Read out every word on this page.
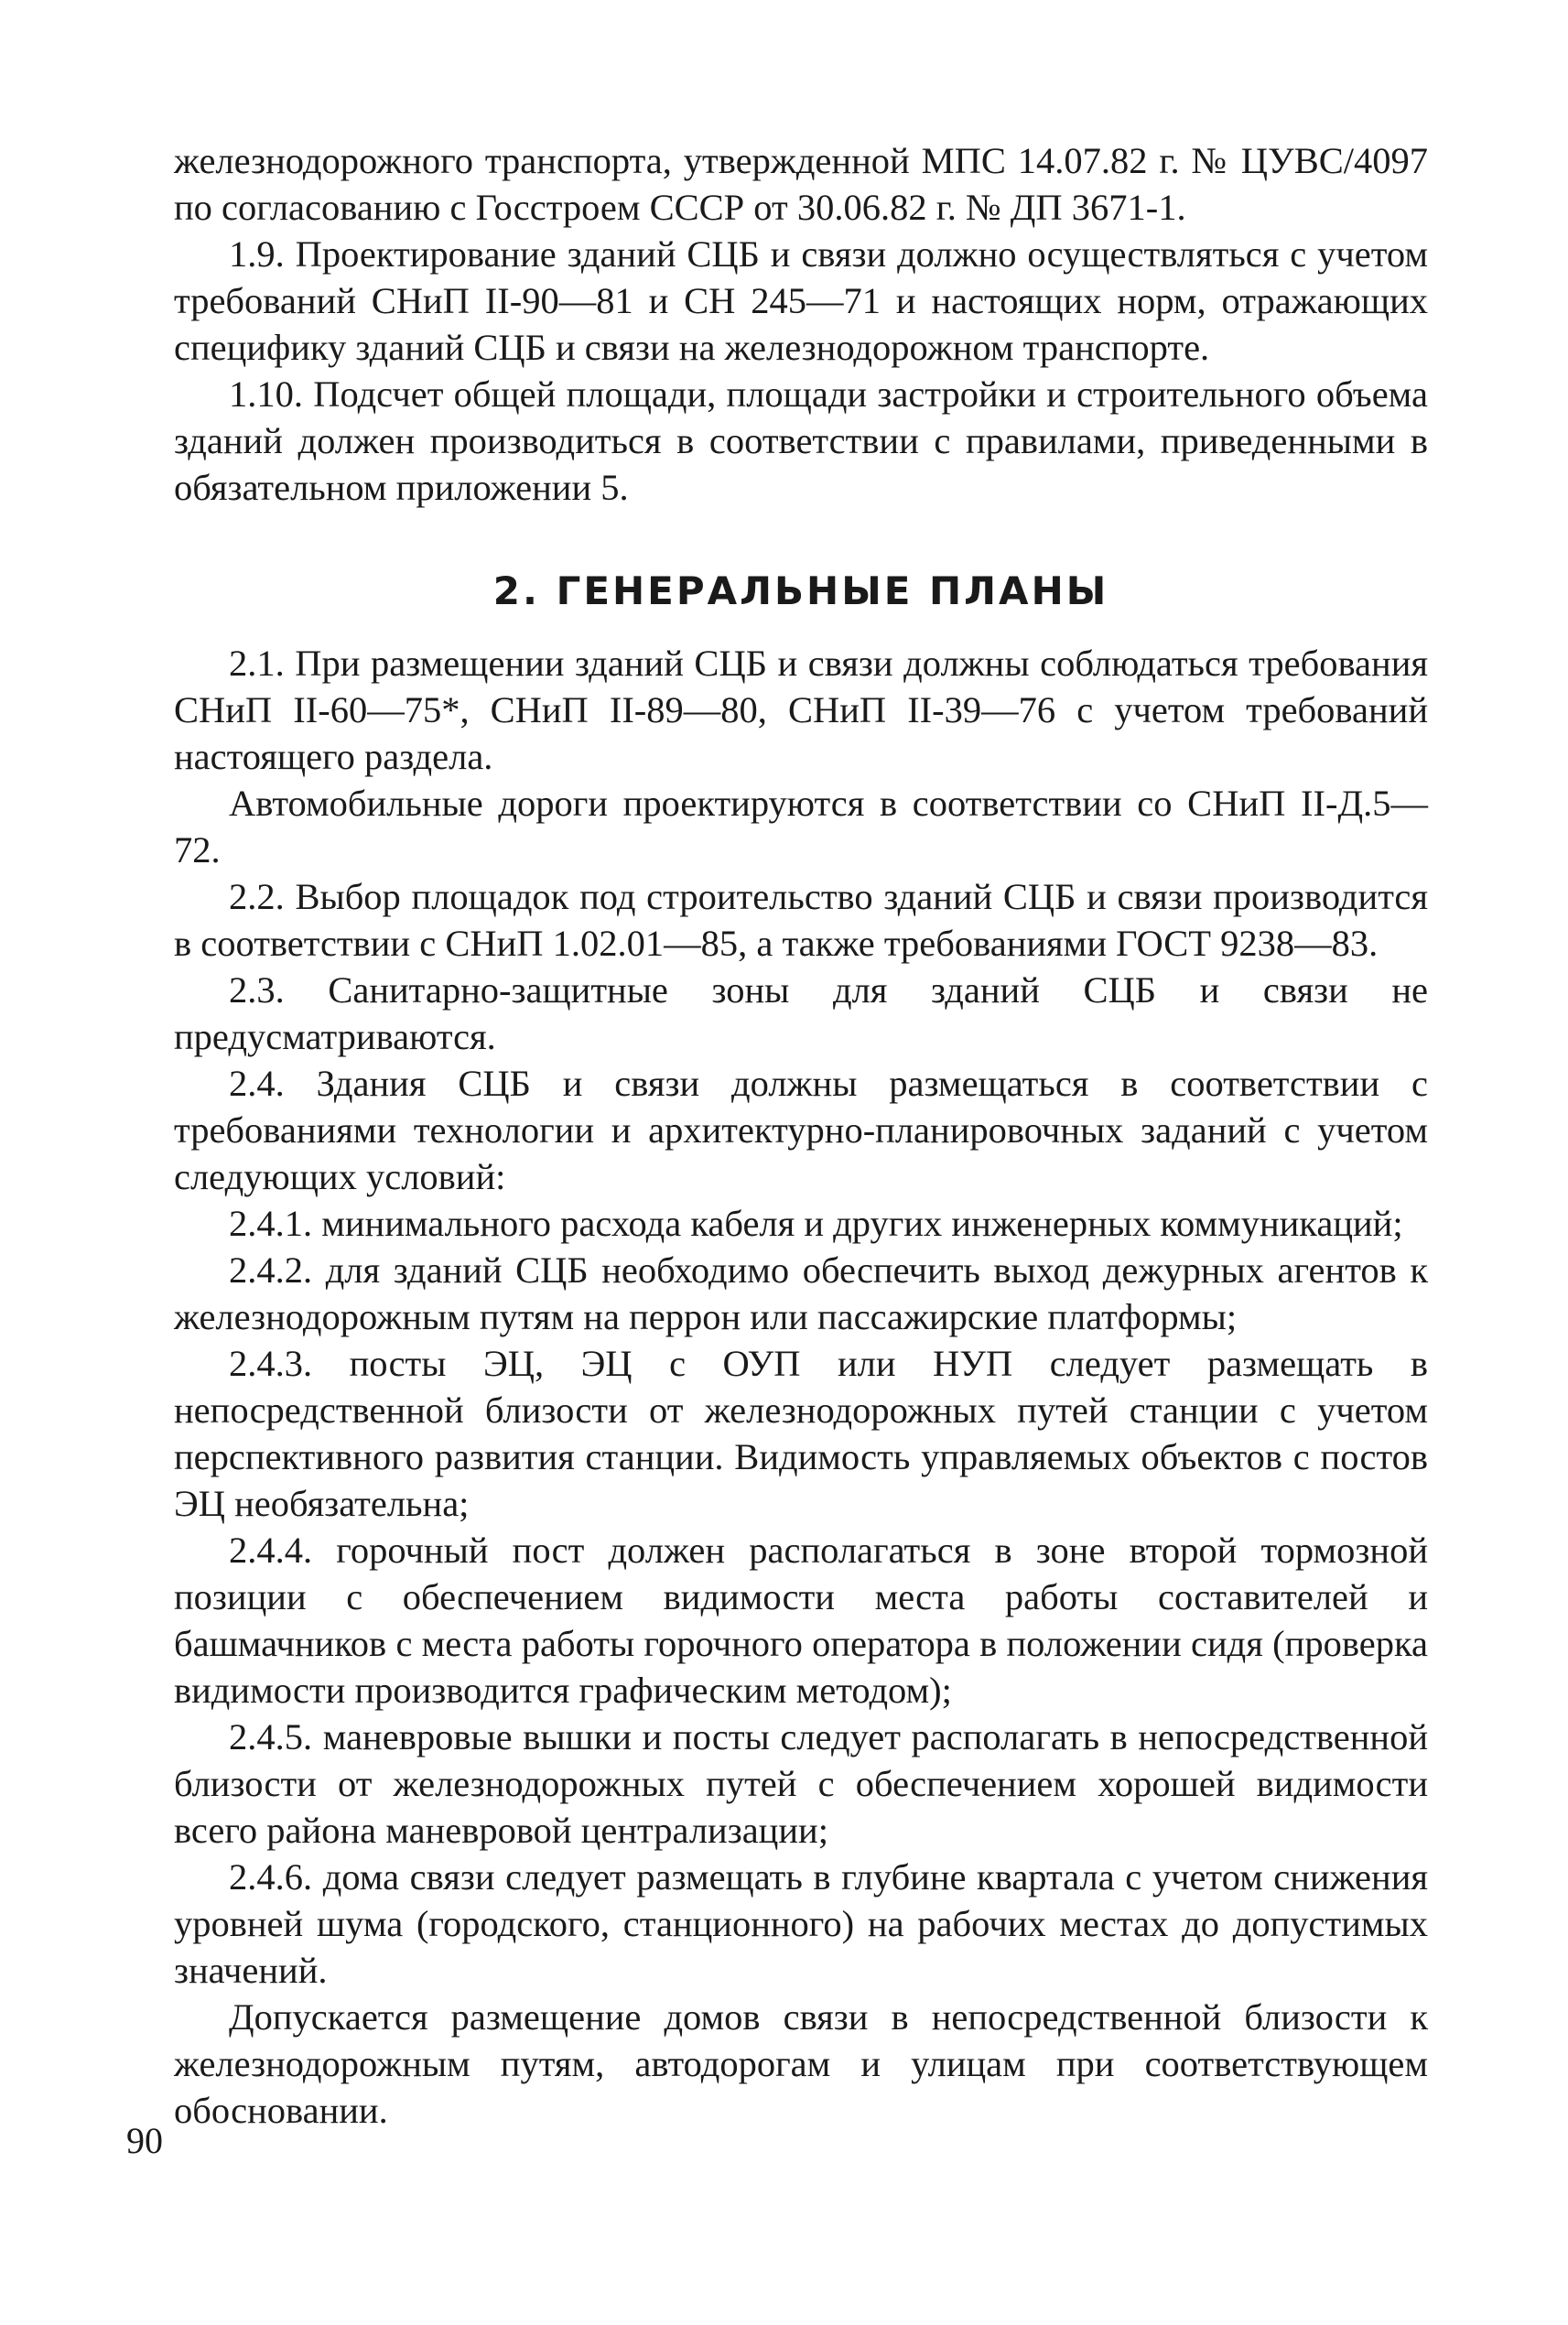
железнодорожного транспорта, утвержденной МПС 14.07.82 г. № ЦУВС/4097 по согласованию с Госстроем СССР от 30.06.82 г. № ДП 3671-1.

1.9. Проектирование зданий СЦБ и связи должно осуществляться с учетом требований СНиП II-90—81 и СН 245—71 и настоящих норм, отражающих специфику зданий СЦБ и связи на железнодорожном транспорте.

1.10. Подсчет общей площади, площади застройки и строительного объема зданий должен производиться в соответствии с правилами, приведенными в обязательном приложении 5.

2. ГЕНЕРАЛЬНЫЕ ПЛАНЫ

2.1. При размещении зданий СЦБ и связи должны соблюдаться требования СНиП II-60—75*, СНиП II-89—80, СНиП II-39—76 с учетом требований настоящего раздела.

Автомобильные дороги проектируются в соответствии со СНиП II-Д.5—72.

2.2. Выбор площадок под строительство зданий СЦБ и связи производится в соответствии с СНиП 1.02.01—85, а также требованиями ГОСТ 9238—83.

2.3. Санитарно-защитные зоны для зданий СЦБ и связи не предусматриваются.

2.4. Здания СЦБ и связи должны размещаться в соответствии с требованиями технологии и архитектурно-планировочных заданий с учетом следующих условий:

2.4.1. минимального расхода кабеля и других инженерных коммуникаций;

2.4.2. для зданий СЦБ необходимо обеспечить выход дежурных агентов к железнодорожным путям на перрон или пассажирские платформы;

2.4.3. посты ЭЦ, ЭЦ с ОУП или НУП следует размещать в непосредственной близости от железнодорожных путей станции с учетом перспективного развития станции. Видимость управляемых объектов с постов ЭЦ необязательна;

2.4.4. горочный пост должен располагаться в зоне второй тормозной позиции с обеспечением видимости места работы составителей и башмачников с места работы горочного оператора в положении сидя (проверка видимости производится графическим методом);

2.4.5. маневровые вышки и посты следует располагать в непосредственной близости от железнодорожных путей с обеспечением хорошей видимости всего района маневровой централизации;

2.4.6. дома связи следует размещать в глубине квартала с учетом снижения уровней шума (городского, станционного) на рабочих местах до допустимых значений.

Допускается размещение домов связи в непосредственной близости к железнодорожным путям, автодорогам и улицам при соответствующем обосновании.

90
